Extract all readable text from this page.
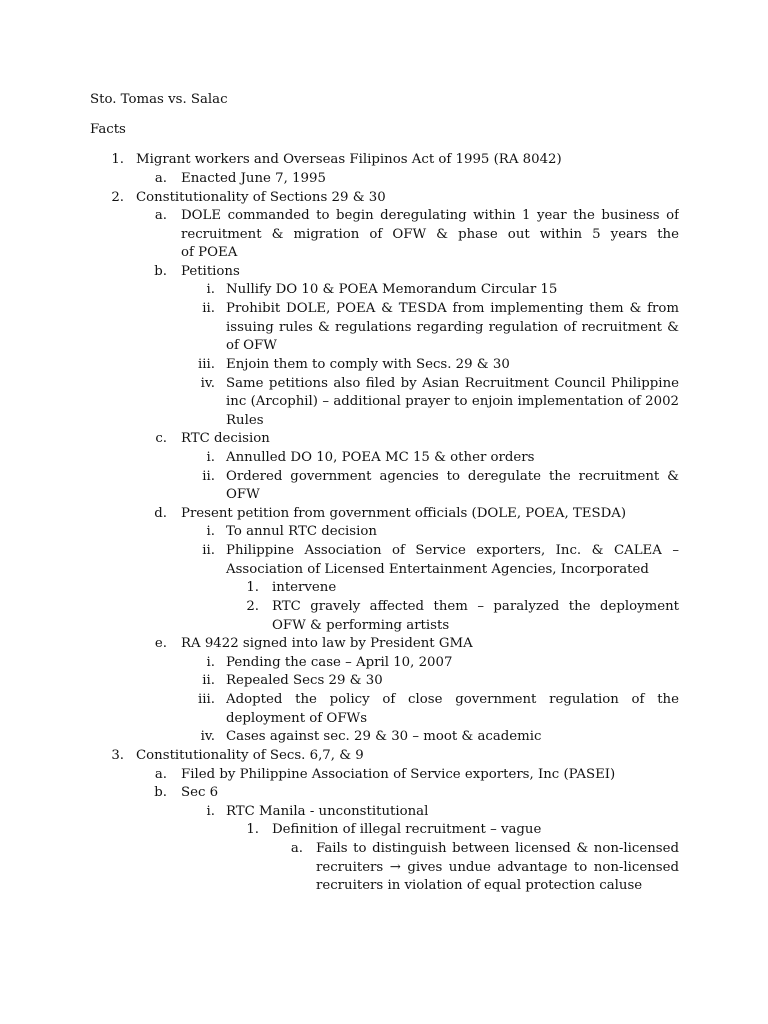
Sto. Tomas vs. Salac

Facts

1. Migrant workers and Overseas Filipinos Act of 1995 (RA 8042)
a. Enacted June 7, 1995
2. Constitutionality of Sections 29 & 30
a. DOLE commanded to begin deregulating within 1 year the business of
recruitment & migration of OFW & phase out within 5 years the
of POEA
b. Petitions
i. Nullify DO 10 & POEA Memorandum Circular 15
ii. Prohibit DOLE, POEA & TESDA from implementing them & from
issuing rules & regulations regarding regulation of recruitment &
of OFW
iii. Enjoin them to comply with Secs. 29 & 30
iv. Same petitions also filed by Asian Recruitment Council Philippine
inc (Arcophil) – additional prayer to enjoin implementation of 2002
Rules
c. RTC decision
i. Annulled DO 10, POEA MC 15 & other orders
ii. Ordered government agencies to deregulate the recruitment &
OFW
d. Present petition from government officials (DOLE, POEA, TESDA)
i. To annul RTC decision
ii. Philippine Association of Service exporters, Inc. & CALEA –
Association of Licensed Entertainment Agencies, Incorporated
1. intervene
2. RTC gravely affected them – paralyzed the deployment
OFW & performing artists
e. RA 9422 signed into law by President GMA
i. Pending the case – April 10, 2007
ii. Repealed Secs 29 & 30
iii. Adopted the policy of close government regulation of the
deployment of OFWs
iv. Cases against sec. 29 & 30 – moot & academic
3. Constitutionality of Secs. 6,7, & 9
a. Filed by Philippine Association of Service exporters, Inc (PASEI)
b. Sec 6
i. RTC Manila - unconstitutional
1. Definition of illegal recruitment – vague
a. Fails to distinguish between licensed & non-licensed
recruiters → gives undue advantage to non-licensed
recruiters in violation of equal protection caluse
